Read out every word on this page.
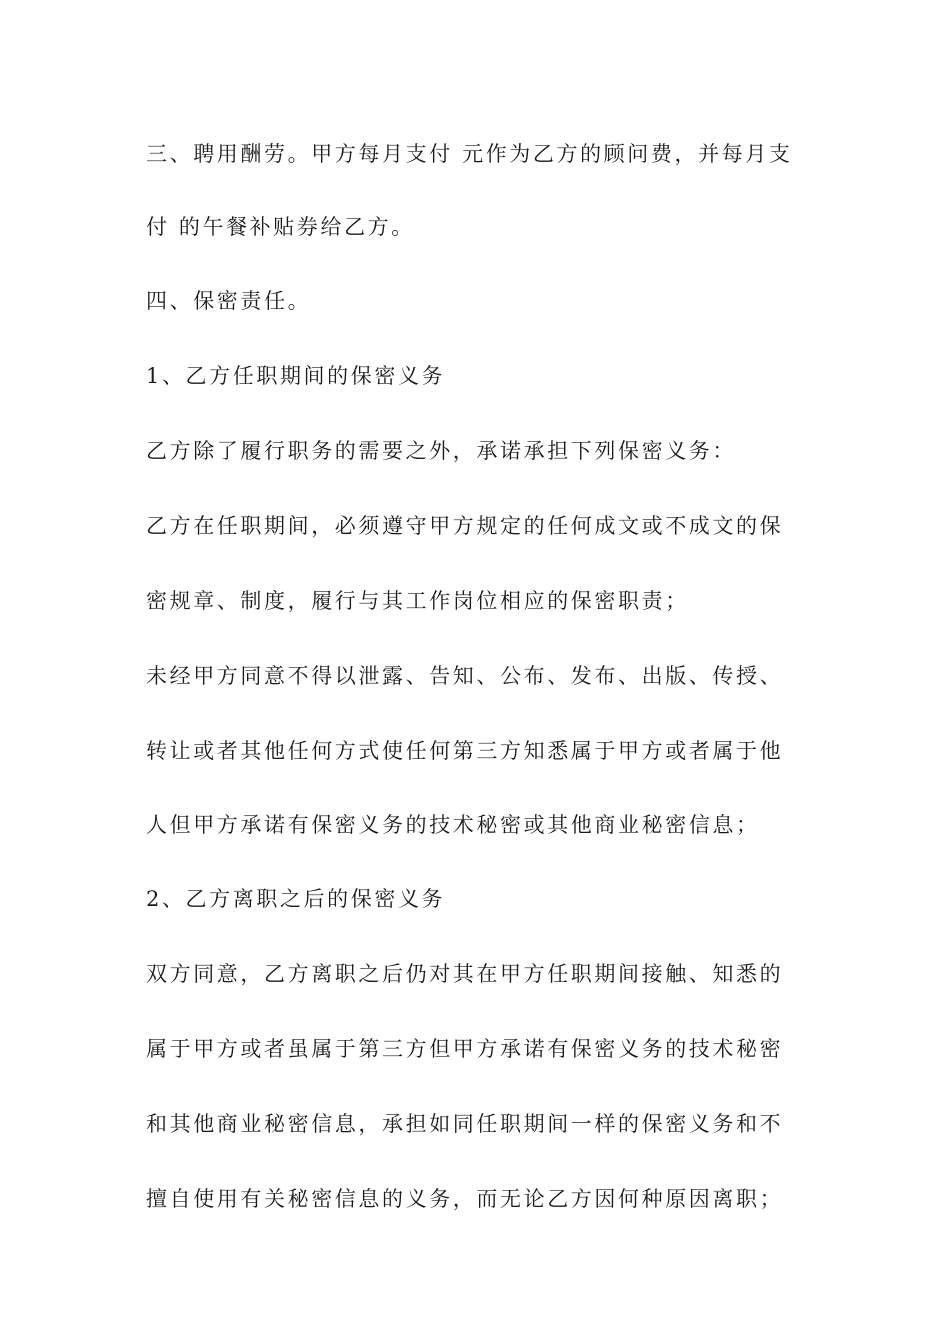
三、聘用酬劳。甲方每月支付 元作为乙方的顾问费，并每月支
付 的午餐补贴券给乙方。
四、保密责任。
1、乙方任职期间的保密义务
乙方除了履行职务的需要之外，承诺承担下列保密义务：
乙方在任职期间，必须遵守甲方规定的任何成文或不成文的保
密规章、制度，履行与其工作岗位相应的保密职责；
未经甲方同意不得以泄露、告知、公布、发布、出版、传授、
转让或者其他任何方式使任何第三方知悉属于甲方或者属于他
人但甲方承诺有保密义务的技术秘密或其他商业秘密信息；
2、乙方离职之后的保密义务
双方同意，乙方离职之后仍对其在甲方任职期间接触、知悉的
属于甲方或者虽属于第三方但甲方承诺有保密义务的技术秘密
和其他商业秘密信息，承担如同任职期间一样的保密义务和不
擅自使用有关秘密信息的义务，而无论乙方因何种原因离职；
